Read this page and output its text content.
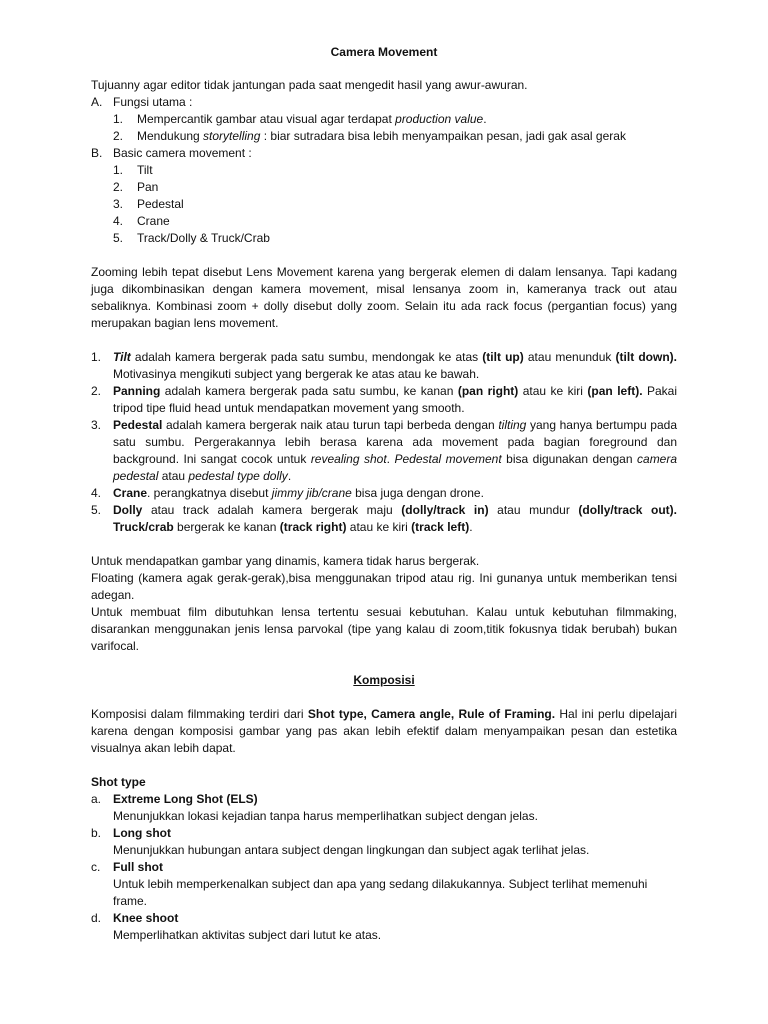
Camera Movement

Tujuanny agar editor tidak jantungan pada saat mengedit hasil yang awur-awuran.

A. Fungsi utama :
1.	Mempercantik gambar atau visual agar terdapat production value.
2.	Mendukung storytelling : biar sutradara bisa lebih menyampaikan pesan, jadi gak asal gerak
B. Basic camera movement :
1.	Tilt
2.	Pan
3.	Pedestal
4.	Crane
5.	Track/Dolly & Truck/Crab

Zooming lebih tepat disebut Lens Movement karena yang bergerak elemen di dalam lensanya. Tapi kadang juga dikombinasikan dengan kamera movement, misal lensanya zoom in, kameranya track out atau sebaliknya. Kombinasi zoom + dolly disebut dolly zoom. Selain itu ada rack focus (pergantian focus) yang merupakan bagian lens movement.

1. Tilt adalah kamera bergerak pada satu sumbu, mendongak ke atas (tilt up) atau menunduk (tilt down). Motivasinya mengikuti subject yang bergerak ke atas atau ke bawah.
2. Panning adalah kamera bergerak pada satu sumbu, ke kanan (pan right) atau ke kiri (pan left). Pakai tripod tipe fluid head untuk mendapatkan movement yang smooth.
3. Pedestal adalah kamera bergerak naik atau turun tapi berbeda dengan tilting yang hanya bertumpu pada satu sumbu. Pergerakannya lebih berasa karena ada movement pada bagian foreground dan background. Ini sangat cocok untuk revealing shot. Pedestal movement bisa digunakan dengan camera pedestal atau pedestal type dolly.
4. Crane. perangkatnya disebut jimmy jib/crane bisa juga dengan drone.
5. Dolly atau track adalah kamera bergerak maju (dolly/track in) atau mundur (dolly/track out). Truck/crab bergerak ke kanan (track right) atau ke kiri (track left).

Untuk mendapatkan gambar yang dinamis, kamera tidak harus bergerak.

Floating (kamera agak gerak-gerak),bisa menggunakan tripod atau rig. Ini gunanya untuk memberikan tensi adegan.

Untuk membuat film dibutuhkan lensa tertentu sesuai kebutuhan. Kalau untuk kebutuhan filmmaking, disarankan menggunakan jenis lensa parvokal (tipe yang kalau di zoom,titik fokusnya tidak berubah) bukan varifocal.

Komposisi

Komposisi dalam filmmaking terdiri dari Shot type, Camera angle, Rule of Framing. Hal ini perlu dipelajari karena dengan komposisi gambar yang pas akan lebih efektif dalam menyampaikan pesan dan estetika visualnya akan lebih dapat.

Shot type

a. Extreme Long Shot (ELS)
Menunjukkan lokasi kejadian tanpa harus memperlihatkan subject dengan jelas.
b. Long shot
Menunjukkan hubungan antara subject dengan lingkungan dan subject agak terlihat jelas.
c.	Full shot
Untuk lebih memperkenalkan subject dan apa yang sedang dilakukannya. Subject terlihat memenuhi frame.
d. Knee shoot
Memperlihatkan aktivitas subject dari lutut ke atas.
